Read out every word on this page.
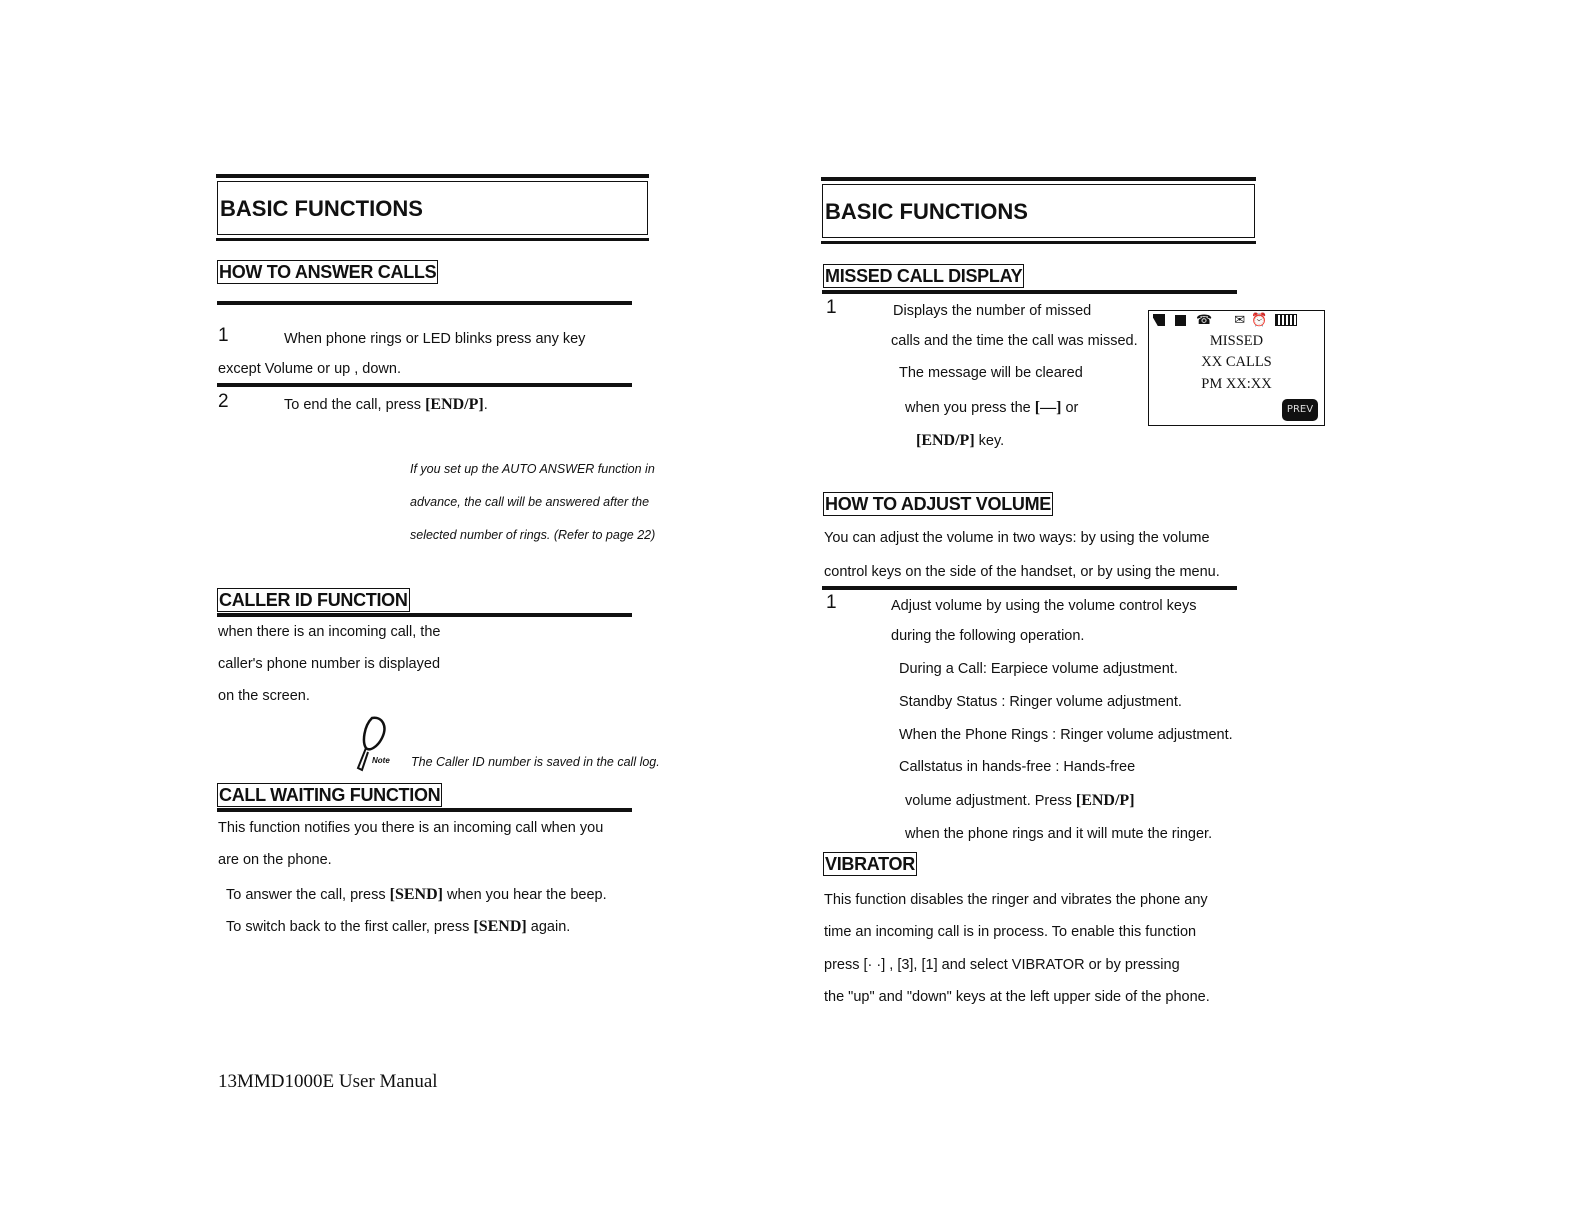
BASIC FUNCTIONS
HOW TO ANSWER CALLS
1	When phone rings or LED blinks press any key
except Volume or up , down.
2	To end the call, press [END/P].
If you set up the AUTO ANSWER function in
advance, the call will be answered after the
selected number of rings. (Refer to page 22)
CALLER ID FUNCTION
when there is an incoming call, the
caller's phone number is displayed
on the screen.
Note The Caller ID number is saved in the call log.
CALL WAITING FUNCTION
This function notifies you there is an incoming call when you
are on the phone.
To answer the call, press [SEND] when you hear the beep.
To switch back to the first caller, press [SEND] again.
13MMD1000E User Manual
BASIC FUNCTIONS
MISSED CALL DISPLAY
1	Displays the number of missed
calls and the time the call was missed.
The message will be cleared
when you press the [—] or
[END/P] key.
☎ ✉ ⏰
MISSED
XX CALLS
PM XX:XX
PREV
HOW TO ADJUST VOLUME
You can adjust the volume in two ways: by using the volume
control keys on the side of the handset, or by using the menu.
1	Adjust volume by using the volume control keys
during the following operation.
During a Call: Earpiece volume adjustment.
Standby Status : Ringer volume adjustment.
When the Phone Rings : Ringer volume adjustment.
Callstatus in hands-free : Hands-free
volume adjustment. Press [END/P]
when the phone rings and it will mute the ringer.
VIBRATOR
This function disables the ringer and vibrates the phone any
time an incoming call is in process. To enable this function
press [· ·] , [3], [1] and select VIBRATOR or by pressing
the "up" and "down" keys at the left upper side of the phone.
